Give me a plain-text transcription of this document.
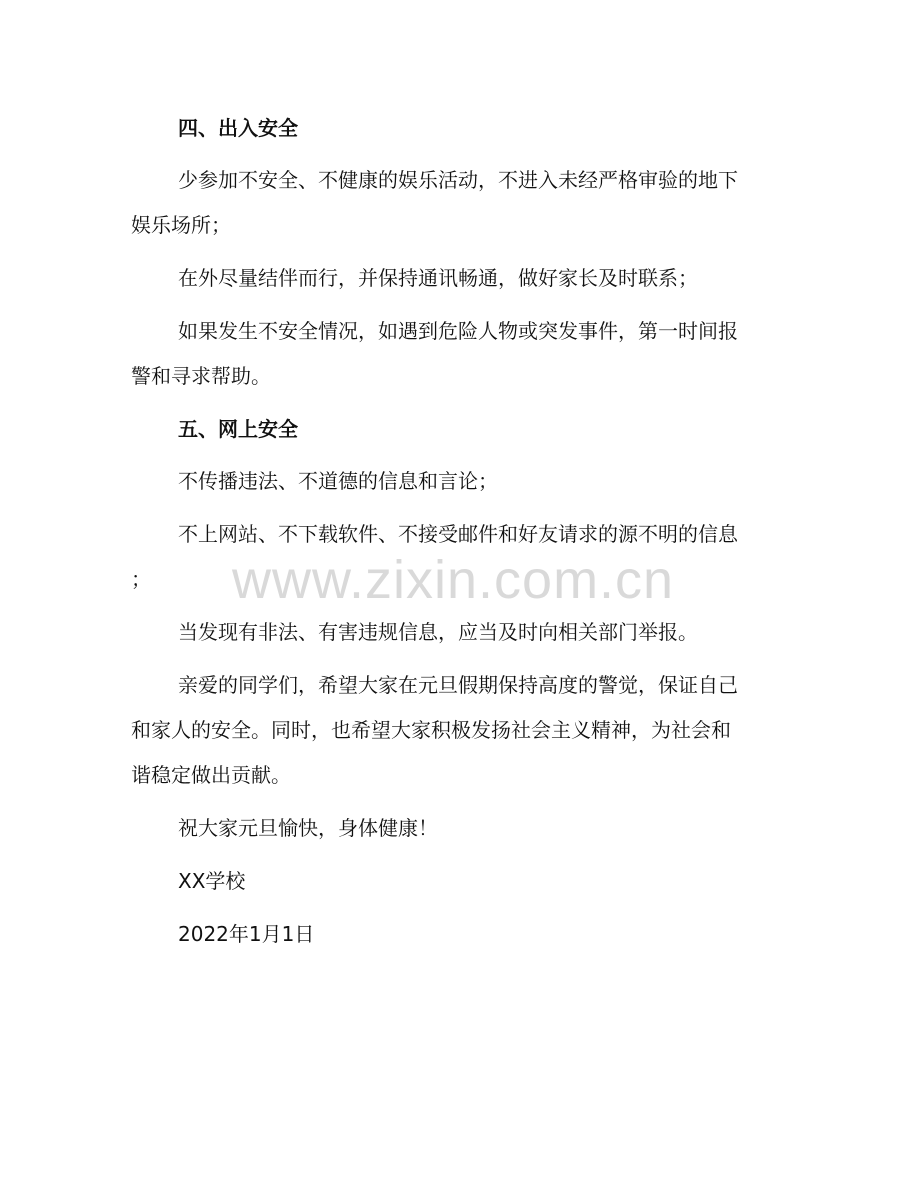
四、出入安全
少参加不安全、不健康的娱乐活动，不进入未经严格审验的地下
娱乐场所；
在外尽量结伴而行，并保持通讯畅通，做好家长及时联系；
如果发生不安全情况，如遇到危险人物或突发事件，第一时间报
警和寻求帮助。
五、网上安全
不传播违法、不道德的信息和言论；
不上网站、不下载软件、不接受邮件和好友请求的源不明的信息
；
当发现有非法、有害违规信息，应当及时向相关部门举报。
亲爱的同学们，希望大家在元旦假期保持高度的警觉，保证自己
和家人的安全。同时，也希望大家积极发扬社会主义精神，为社会和
谐稳定做出贡献。
祝大家元旦愉快，身体健康！
XX学校
2022年1月1日
www.zixin.com.cn
